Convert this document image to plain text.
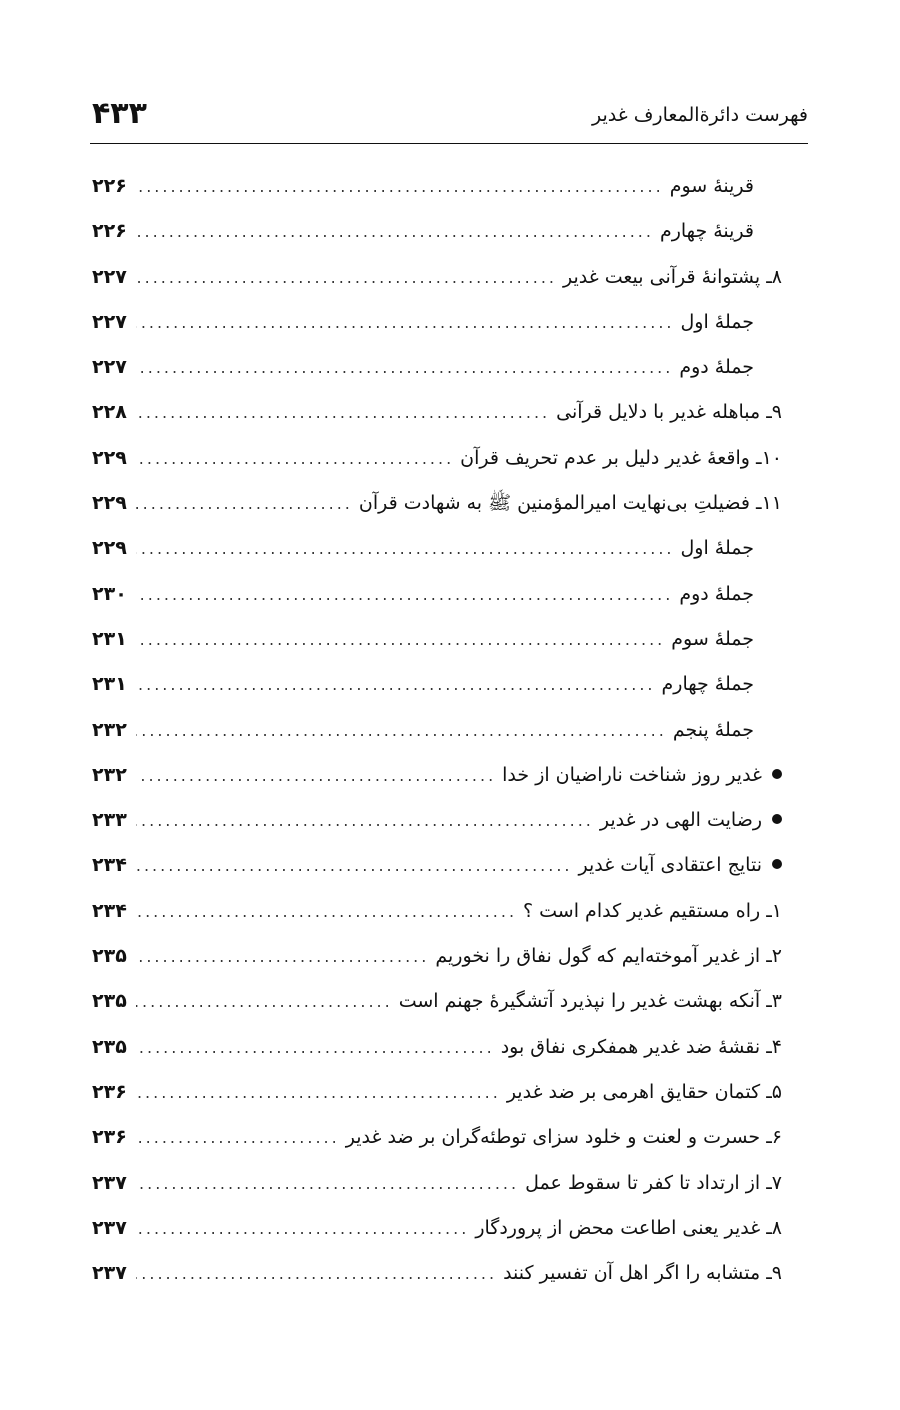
فهرست دائرةالمعارف غدیر
۴۳۳
قرینهٔ سوم
.....
۲۲۶
قرینهٔ چهارم
.....
۲۲۶
۸ـ پشتوانهٔ قرآنی بیعت غدیر
.....
۲۲۷
جملهٔ اول
.....
۲۲۷
جملهٔ دوم
.....
۲۲۷
۹ـ مباهله غدیر با دلایل قرآنی
.....
۲۲۸
۱۰ـ واقعهٔ غدیر دلیل بر عدم تحریف قرآن
.....
۲۲۹
۱۱ـ فضیلتِ بی‌نهایت امیرالمؤمنین ﷺ به شهادت قرآن
.....
۲۲۹
جملهٔ اول
.....
۲۲۹
جملهٔ دوم
.....
۲۳۰
جملهٔ سوم
.....
۲۳۱
جملهٔ چهارم
.....
۲۳۱
جملهٔ پنجم
.....
۲۳۲
غدیر روز شناخت ناراضیان از خدا
.....
۲۳۲
رضایت الهی در غدیر
.....
۲۳۳
نتایج اعتقادی آیات غدیر
.....
۲۳۴
۱ـ راه مستقیم غدیر کدام است ؟
.....
۲۳۴
۲ـ از غدیر آموخته‌ایم که گول نفاق را نخوریم
.....
۲۳۵
۳ـ آنکه بهشت غدیر را نپذیرد آتشگیرهٔ جهنم است
.....
۲۳۵
۴ـ نقشهٔ ضد غدیر همفکری نفاق بود
.....
۲۳۵
۵ـ کتمان حقایق اهرمی بر ضد غدیر
.....
۲۳۶
۶ـ حسرت و لعنت و خلود سزای توطئه‌گران بر ضد غدیر
.....
۲۳۶
۷ـ از ارتداد تا کفر تا سقوط عمل
.....
۲۳۷
۸ـ غدیر یعنی اطاعت محض از پروردگار
.....
۲۳۷
۹ـ متشابه را اگر اهل آن تفسیر کنند
.....
۲۳۷
